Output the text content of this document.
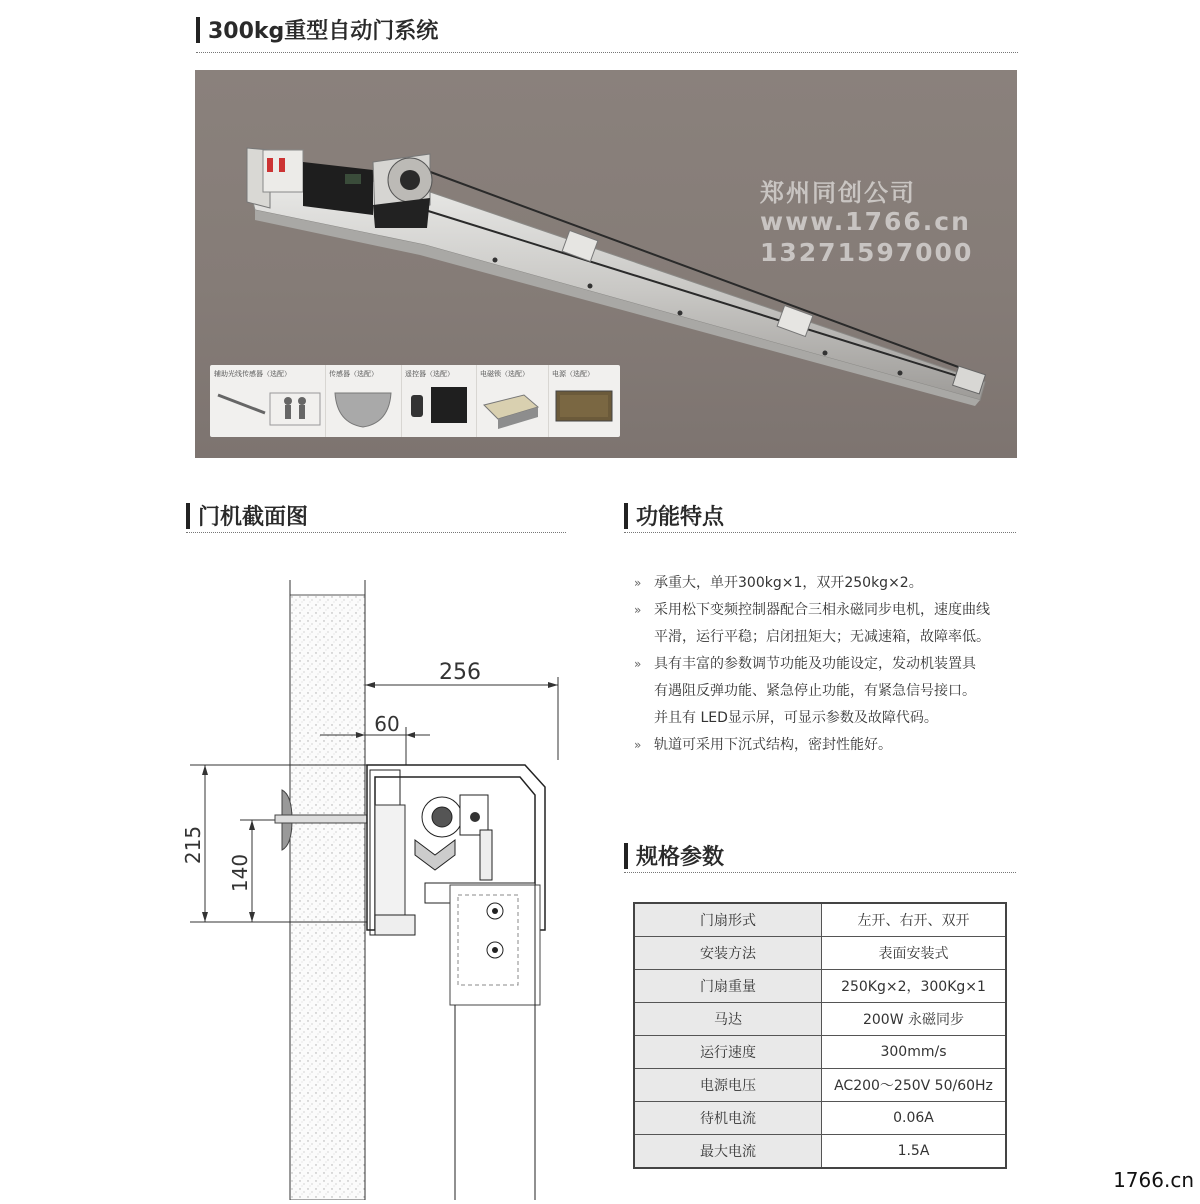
300kg重型自动门系统
郑州同创公司
www.1766.cn
13271597000
辅助光线传感器（选配）	传感器（选配）	遥控器（选配）	电磁锁（选配）	电源（选配）
门机截面图
256
60
215
140
功能特点
» 承重大，单开300kg×1，双开250kg×2。
» 采用松下变频控制器配合三相永磁同步电机，速度曲线
平滑，运行平稳；启闭扭矩大；无减速箱，故障率低。
» 具有丰富的参数调节功能及功能设定，发动机装置具
有遇阻反弹功能、紧急停止功能，有紧急信号接口。
并且有 LED显示屏，可显示参数及故障代码。
» 轨道可采用下沉式结构，密封性能好。
规格参数
门扇形式	左开、右开、双开
安装方法	表面安装式
门扇重量	250Kg×2，300Kg×1
马达	200W 永磁同步
运行速度	300mm/s
电源电压	AC200～250V 50/60Hz
待机电流	0.06A
最大电流	1.5A
1766.cn
